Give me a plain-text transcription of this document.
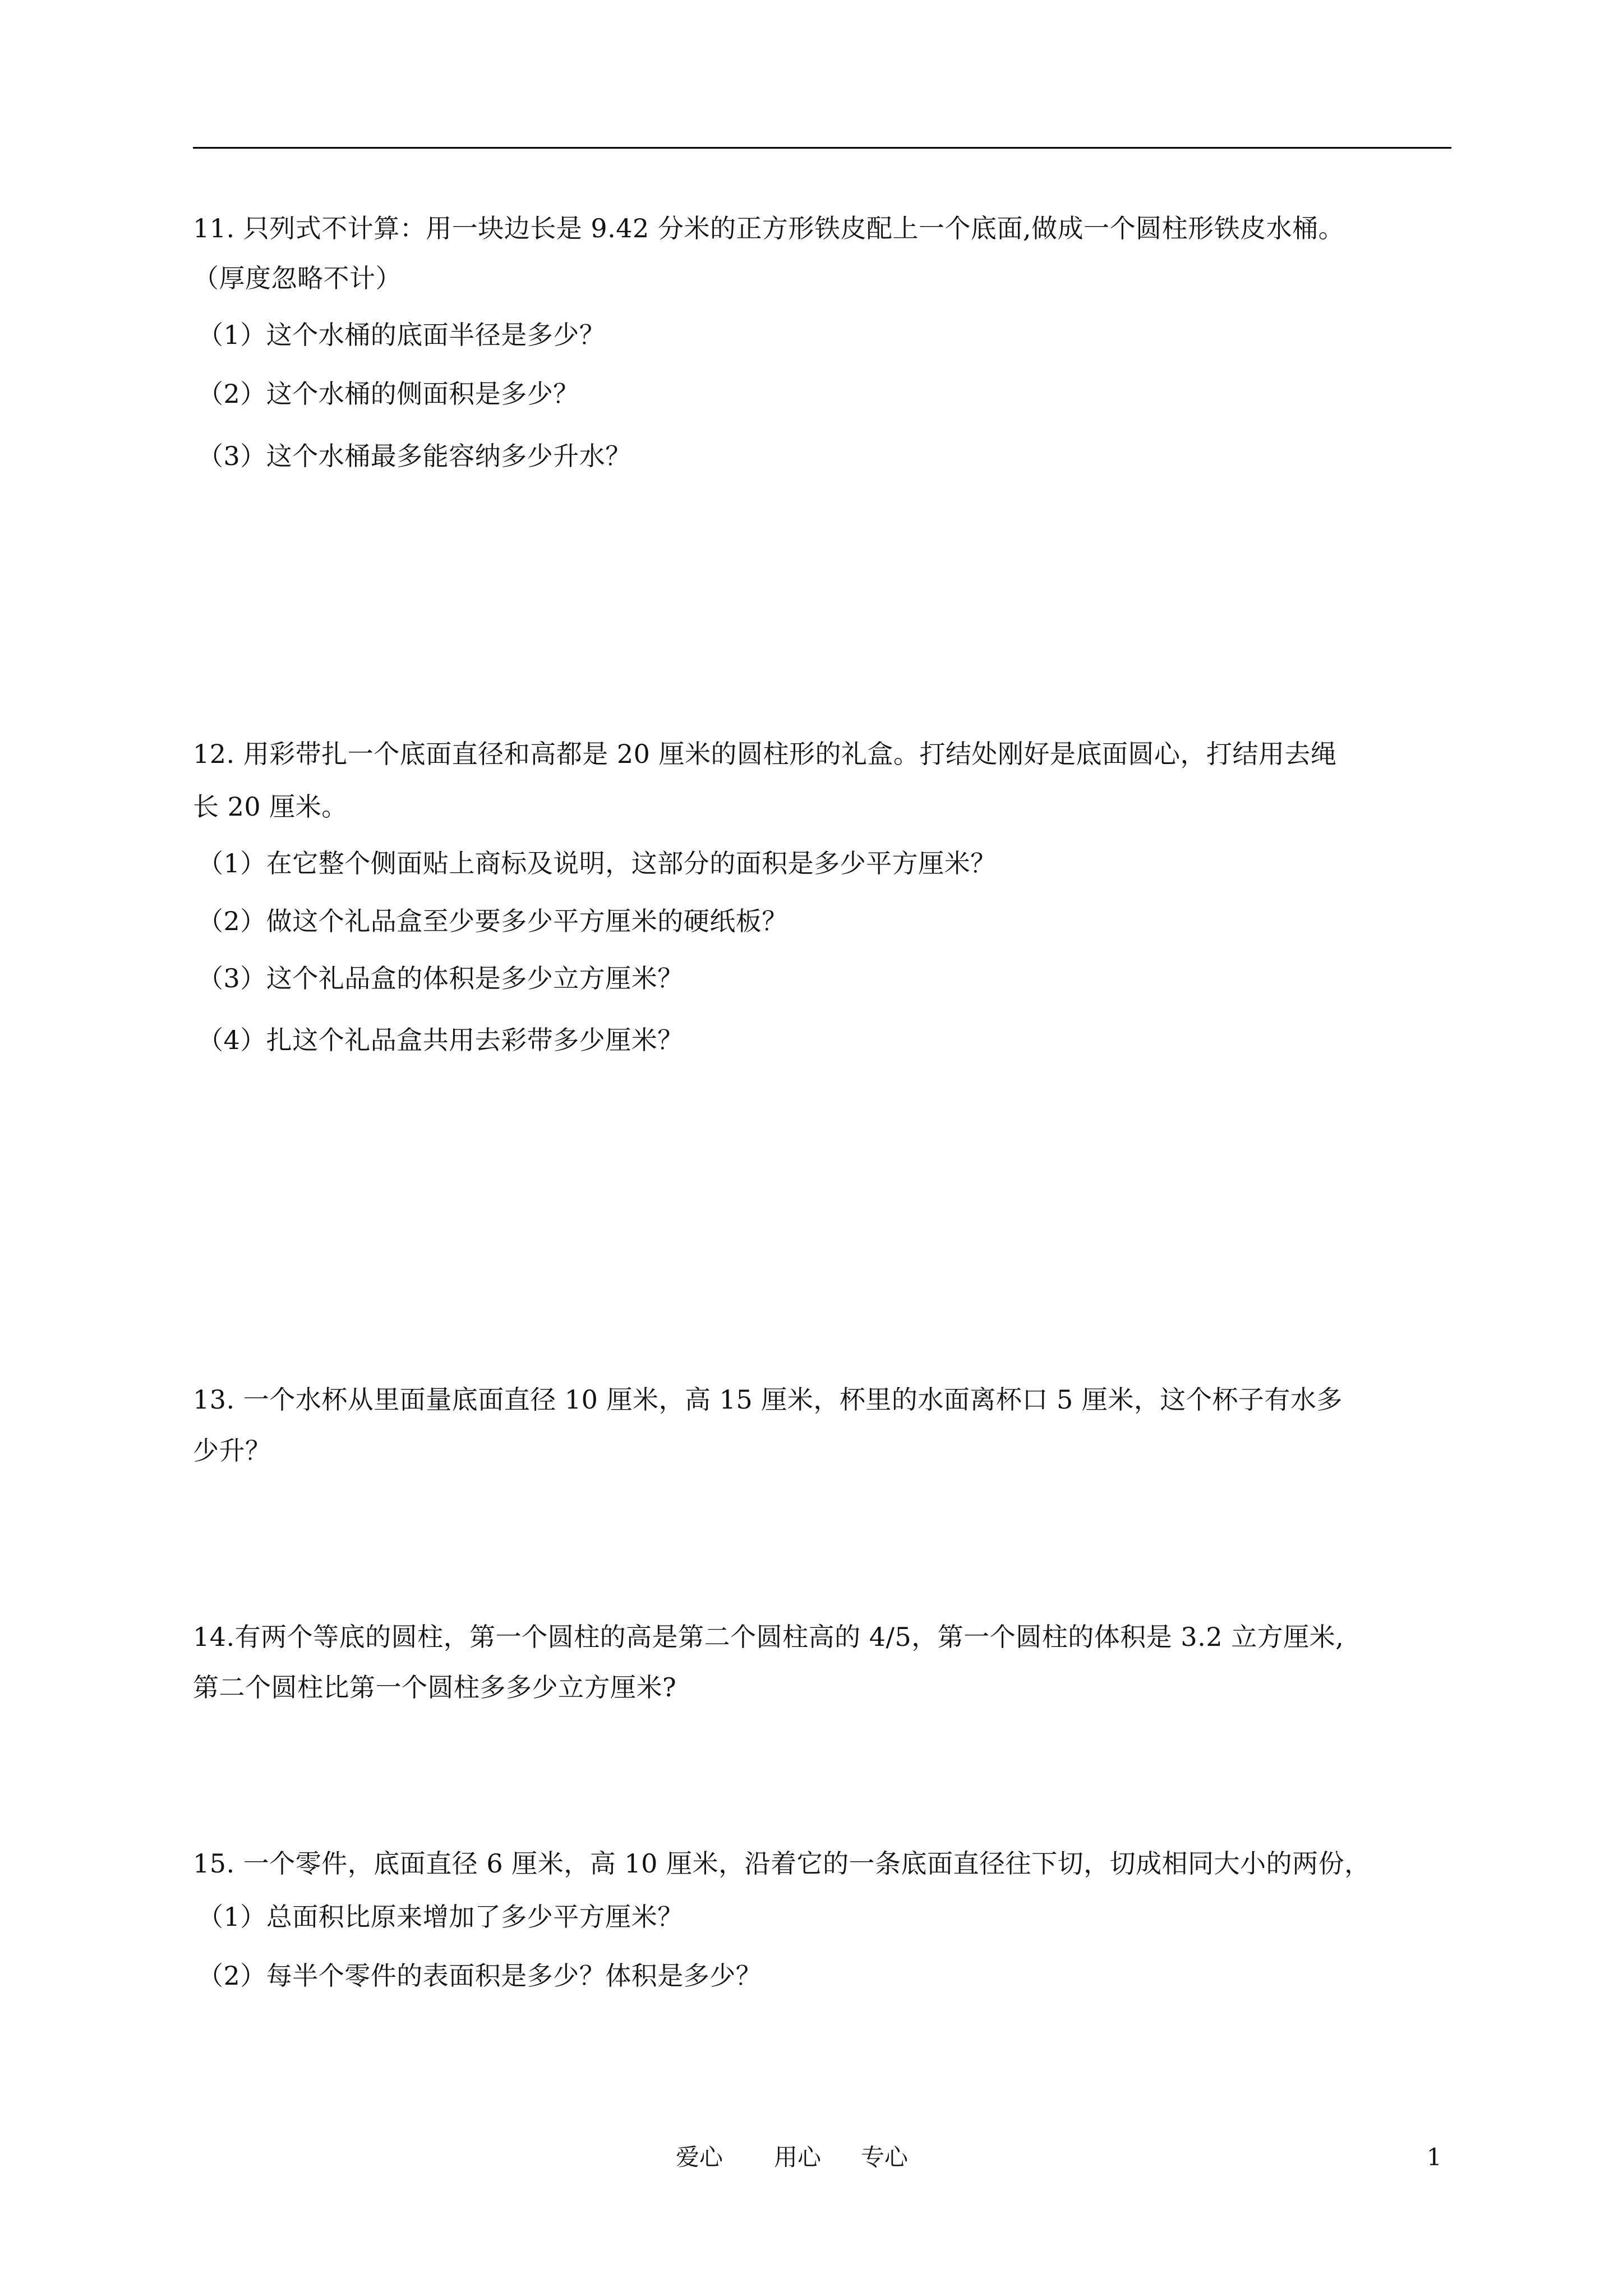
11. 只列式不计算：用一块边长是 9.42 分米的正方形铁皮配上一个底面,做成一个圆柱形铁皮水桶。
（厚度忽略不计）
（1）这个水桶的底面半径是多少？
（2）这个水桶的侧面积是多少？
（3）这个水桶最多能容纳多少升水？
12. 用彩带扎一个底面直径和高都是 20 厘米的圆柱形的礼盒。打结处刚好是底面圆心，打结用去绳
长 20 厘米。
（1）在它整个侧面贴上商标及说明，这部分的面积是多少平方厘米？
（2）做这个礼品盒至少要多少平方厘米的硬纸板？
（3）这个礼品盒的体积是多少立方厘米？
（4）扎这个礼品盒共用去彩带多少厘米？
13. 一个水杯从里面量底面直径 10 厘米，高 15 厘米，杯里的水面离杯口 5 厘米，这个杯子有水多
少升？
14.有两个等底的圆柱，第一个圆柱的高是第二个圆柱高的 4/5，第一个圆柱的体积是 3.2 立方厘米,
第二个圆柱比第一个圆柱多多少立方厘米?
15. 一个零件，底面直径 6 厘米，高 10 厘米，沿着它的一条底面直径往下切，切成相同大小的两份，
（1）总面积比原来增加了多少平方厘米？
（2）每半个零件的表面积是多少？体积是多少？
爱心 用心 专心	1
